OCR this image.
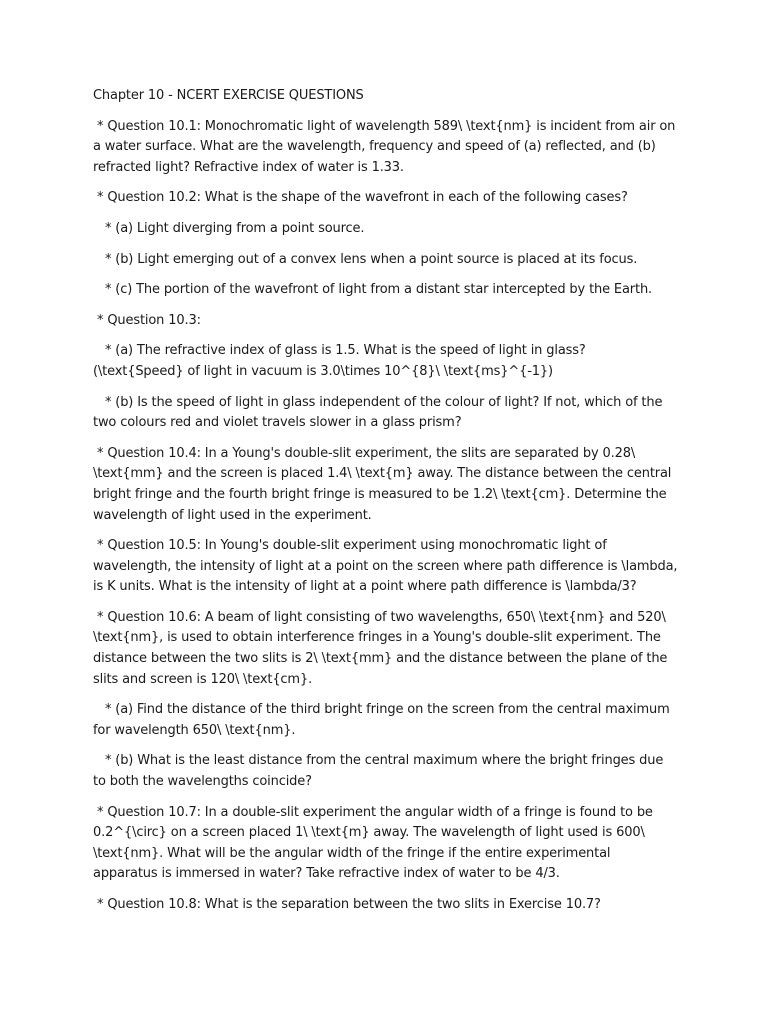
Chapter 10 - NCERT EXERCISE QUESTIONS

* Question 10.1: Monochromatic light of wavelength 589\ \text{nm} is incident from air on a water surface. What are the wavelength, frequency and speed of (a) reflected, and (b) refracted light? Refractive index of water is 1.33.

* Question 10.2: What is the shape of the wavefront in each of the following cases?

* (a) Light diverging from a point source.

* (b) Light emerging out of a convex lens when a point source is placed at its focus.

* (c) The portion of the wavefront of light from a distant star intercepted by the Earth.

* Question 10.3:

* (a) The refractive index of glass is 1.5. What is the speed of light in glass? (\text{Speed} of light in vacuum is 3.0\times 10^{8}\ \text{ms}^{-1})

* (b) Is the speed of light in glass independent of the colour of light? If not, which of the two colours red and violet travels slower in a glass prism?

* Question 10.4: In a Young's double-slit experiment, the slits are separated by 0.28\ \text{mm} and the screen is placed 1.4\ \text{m} away. The distance between the central bright fringe and the fourth bright fringe is measured to be 1.2\ \text{cm}. Determine the wavelength of light used in the experiment.

* Question 10.5: In Young's double-slit experiment using monochromatic light of wavelength, the intensity of light at a point on the screen where path difference is \lambda, is K units. What is the intensity of light at a point where path difference is \lambda/3?

* Question 10.6: A beam of light consisting of two wavelengths, 650\ \text{nm} and 520\ \text{nm}, is used to obtain interference fringes in a Young's double-slit experiment. The distance between the two slits is 2\ \text{mm} and the distance between the plane of the slits and screen is 120\ \text{cm}.

* (a) Find the distance of the third bright fringe on the screen from the central maximum for wavelength 650\ \text{nm}.

* (b) What is the least distance from the central maximum where the bright fringes due to both the wavelengths coincide?

* Question 10.7: In a double-slit experiment the angular width of a fringe is found to be 0.2^{\circ} on a screen placed 1\ \text{m} away. The wavelength of light used is 600\ \text{nm}. What will be the angular width of the fringe if the entire experimental apparatus is immersed in water? Take refractive index of water to be 4/3.

* Question 10.8: What is the separation between the two slits in Exercise 10.7?
